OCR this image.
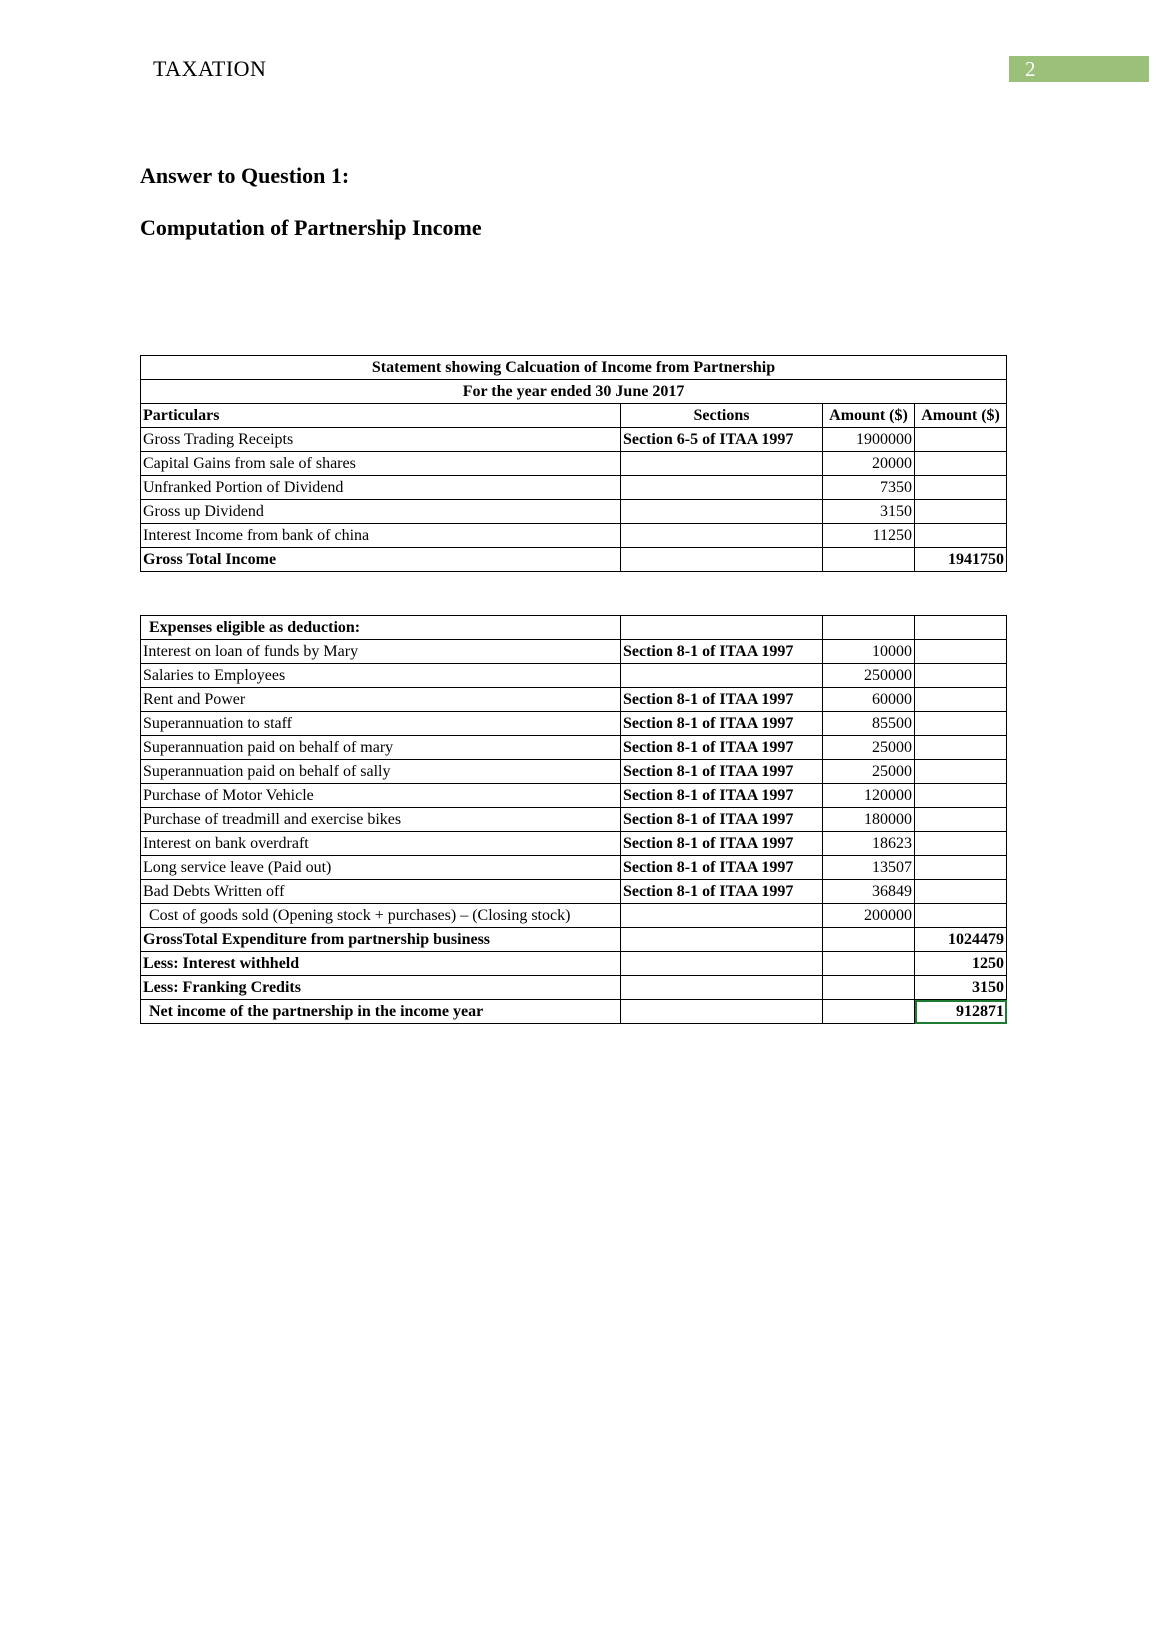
TAXATION	2
Answer to Question 1:
Computation of Partnership Income
Statement showing Calcuation of Income from Partnership			
For the year ended 30 June 2017			
Particulars	Sections	Amount ($)	Amount ($)
Gross Trading Receipts	Section 6-5 of ITAA 1997	1900000	
Capital Gains from sale of shares		20000	
Unfranked Portion of Dividend		7350	
Gross up Dividend		3150	
Interest Income from bank of china		11250	
Gross Total Income			1941750
Expenses eligible as deduction:			
Interest on loan of funds by Mary	Section 8-1 of ITAA 1997	10000	
Salaries to Employees		250000	
Rent and Power	Section 8-1 of ITAA 1997	60000	
Superannuation to staff	Section 8-1 of ITAA 1997	85500	
Superannuation paid on behalf of mary	Section 8-1 of ITAA 1997	25000	
Superannuation paid on behalf of sally	Section 8-1 of ITAA 1997	25000	
Purchase of Motor Vehicle	Section 8-1 of ITAA 1997	120000	
Purchase of treadmill and exercise bikes	Section 8-1 of ITAA 1997	180000	
Interest on bank overdraft	Section 8-1 of ITAA 1997	18623	
Long service leave (Paid out)	Section 8-1 of ITAA 1997	13507	
Bad Debts Written off	Section 8-1 of ITAA 1997	36849	
Cost of goods sold (Opening stock + purchases) – (Closing stock)		200000	
GrossTotal Expenditure from partnership business			1024479
Less: Interest withheld			1250
Less: Franking Credits			3150
Net income of the partnership in the income year			912871
